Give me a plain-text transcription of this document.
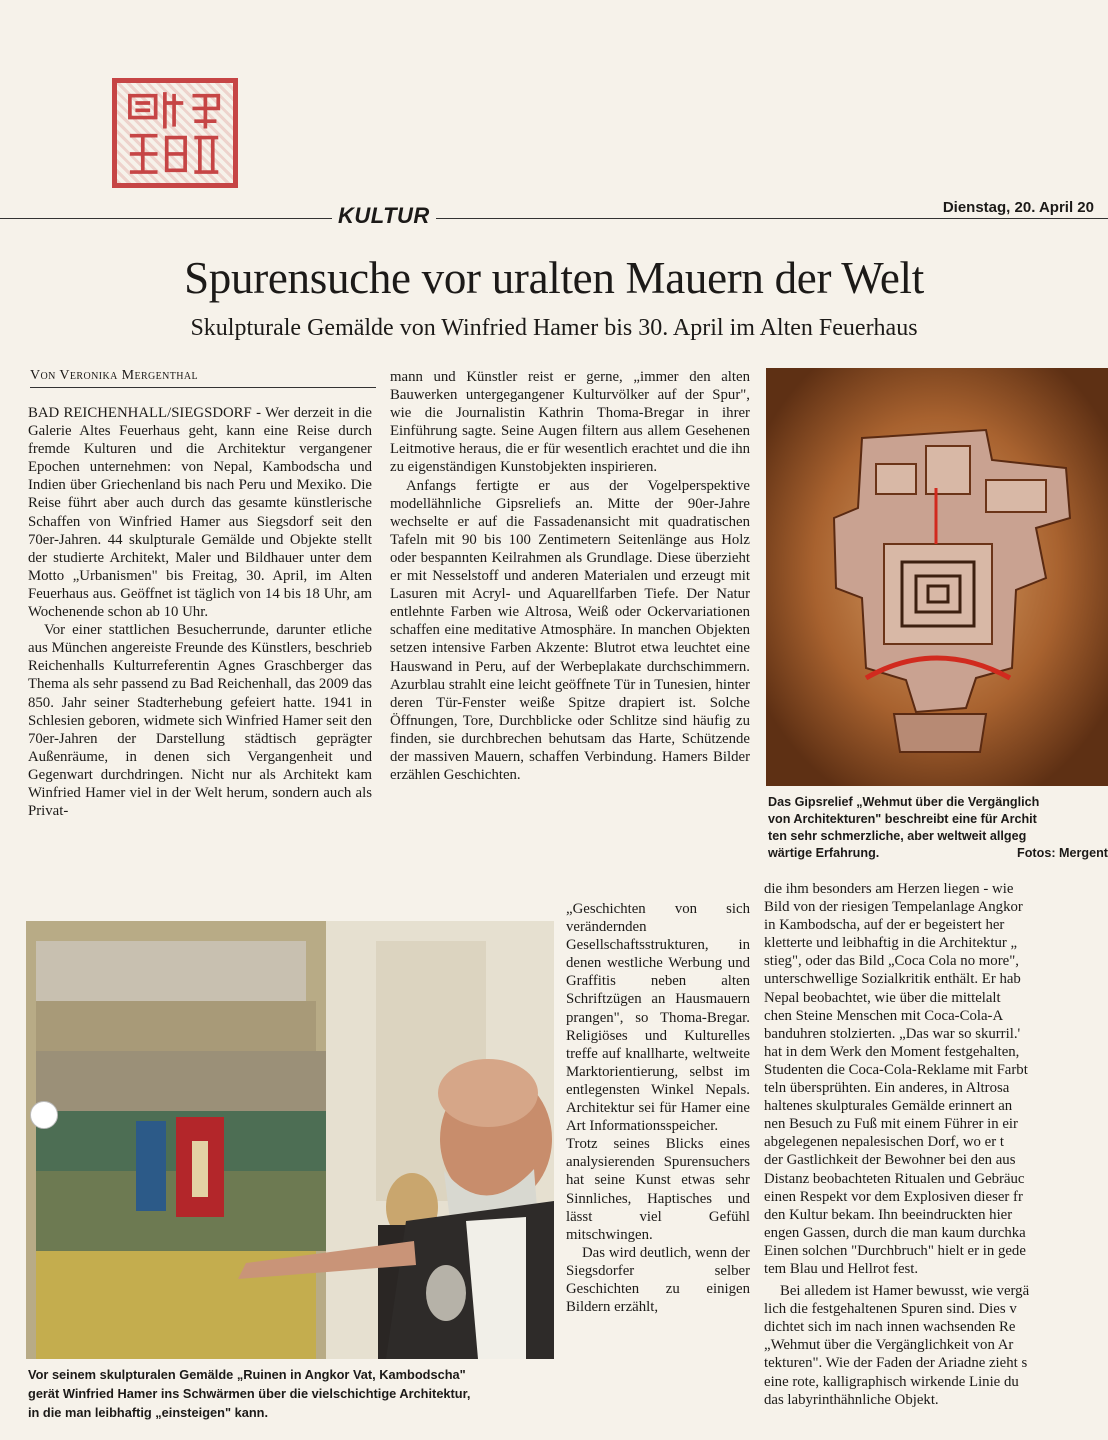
KULTUR	Dienstag, 20. April 20
Spurensuche vor uralten Mauern der Welt
Skulpturale Gemälde von Winfried Hamer bis 30. April im Alten Feuerhaus
Von Veronika Mergenthal

BAD REICHENHALL/SIEGSDORF - Wer derzeit in die Galerie Altes Feuerhaus geht, kann eine Reise durch fremde Kulturen und die Architektur vergangener Epochen unternehmen: von Nepal, Kambodscha und Indien über Griechenland bis nach Peru und Mexiko. Die Reise führt aber auch durch das gesamte künstlerische Schaffen von Winfried Hamer aus Siegsdorf seit den 70er-Jahren. 44 skulpturale Gemälde und Objekte stellt der studierte Architekt, Maler und Bildhauer unter dem Motto „Urbanismen" bis Freitag, 30. April, im Alten Feuerhaus aus. Geöffnet ist täglich von 14 bis 18 Uhr, am Wochenende schon ab 10 Uhr.

Vor einer stattlichen Besucherrunde, darunter etliche aus München angereiste Freunde des Künstlers, beschrieb Reichenhalls Kulturreferentin Agnes Graschberger das Thema als sehr passend zu Bad Reichenhall, das 2009 das 850. Jahr seiner Stadterhebung gefeiert hatte. 1941 in Schlesien geboren, widmete sich Winfried Hamer seit den 70er-Jahren der Darstellung städtisch geprägter Außenräume, in denen sich Vergangenheit und Gegenwart durchdringen. Nicht nur als Architekt kam Winfried Hamer viel in der Welt herum, sondern auch als Privat-

mann und Künstler reist er gerne, „immer den alten Bauwerken untergegangener Kulturvölker auf der Spur", wie die Journalistin Kathrin Thoma-Bregar in ihrer Einführung sagte. Seine Augen filtern aus allem Gesehenen Leitmotive heraus, die er für wesentlich erachtet und die ihn zu eigenständigen Kunstobjekten inspirieren.

Anfangs fertigte er aus der Vogelperspektive modellähnliche Gipsreliefs an. Mitte der 90er-Jahre wechselte er auf die Fassadenansicht mit quadratischen Tafeln mit 90 bis 100 Zentimetern Seitenlänge aus Holz oder bespannten Keilrahmen als Grundlage. Diese überzieht er mit Nesselstoff und anderen Materialen und erzeugt mit Lasuren mit Acryl- und Aquarellfarben Tiefe. Der Natur entlehnte Farben wie Altrosa, Weiß oder Ockervariationen schaffen eine meditative Atmosphäre. In manchen Objekten setzen intensive Farben Akzente: Blutrot etwa leuchtet eine Hauswand in Peru, auf der Werbeplakate durchschimmern. Azurblau strahlt eine leicht geöffnete Tür in Tunesien, hinter deren Tür-Fenster weiße Spitze drapiert ist. Solche Öffnungen, Tore, Durchblicke oder Schlitze sind häufig zu finden, sie durchbrechen behutsam das Harte, Schützende der massiven Mauern, schaffen Verbindung. Hamers Bilder erzählen Geschichten.

„Geschichten von sich verändernden Gesellschaftsstrukturen, in denen westliche Werbung und Graffitis neben alten Schriftzügen an Hausmauern prangen", so Thoma-Bregar. Religiöses und Kulturelles treffe auf knallharte, weltweite Marktorientierung, selbst im entlegensten Winkel Nepals. Architektur sei für Hamer eine Art Informationsspeicher.

Trotz seines Blicks eines analysierenden Spurensuchers hat seine Kunst etwas sehr Sinnliches, Haptisches und lässt viel Gefühl mitschwingen.

Das wird deutlich, wenn der Siegsdorfer selber Geschichten zu einigen Bildern erzählt,

die ihm besonders am Herzen liegen - wie

Bild von der riesigen Tempelanlage Angkor

in Kambodscha, auf der er begeistert her

kletterte und leibhaftig in die Architektur „

stieg", oder das Bild „Coca Cola no more",

unterschwellige Sozialkritik enthält. Er hab

Nepal beobachtet, wie über die mittelalt

chen Steine Menschen mit Coca-Cola-A

banduhren stolzierten. „Das war so skurril.'

hat in dem Werk den Moment festgehalten,

Studenten die Coca-Cola-Reklame mit Farbt

teln übersprühten. Ein anderes, in Altrosa

haltenes skulpturales Gemälde erinnert an

nen Besuch zu Fuß mit einem Führer in eir

abgelegenen nepalesischen Dorf, wo er t

der Gastlichkeit der Bewohner bei den aus

Distanz beobachteten Ritualen und Gebräuc

einen Respekt vor dem Explosiven dieser fr

den Kultur bekam. Ihn beeindruckten hier

engen Gassen, durch die man kaum durchka

Einen solchen "Durchbruch" hielt er in gede

tem Blau und Hellrot fest.

Bei alledem ist Hamer bewusst, wie vergä

lich die festgehaltenen Spuren sind. Dies v

dichtet sich im nach innen wachsenden Re

„Wehmut über die Vergänglichkeit von Ar

tekturen". Wie der Faden der Ariadne zieht s

eine rote, kalligraphisch wirkende Linie du

das labyrinthähnliche Objekt.

Das Gipsrelief „Wehmut über die Vergänglich
von Architekturen" beschreibt eine für Archit
ten sehr schmerzliche, aber weltweit allgeg
wärtige Erfahrung.	Fotos: Mergent
Vor seinem skulpturalen Gemälde „Ruinen in Angkor Vat, Kambodscha"
gerät Winfried Hamer ins Schwärmen über die vielschichtige Architektur,
in die man leibhaftig „einsteigen" kann.
